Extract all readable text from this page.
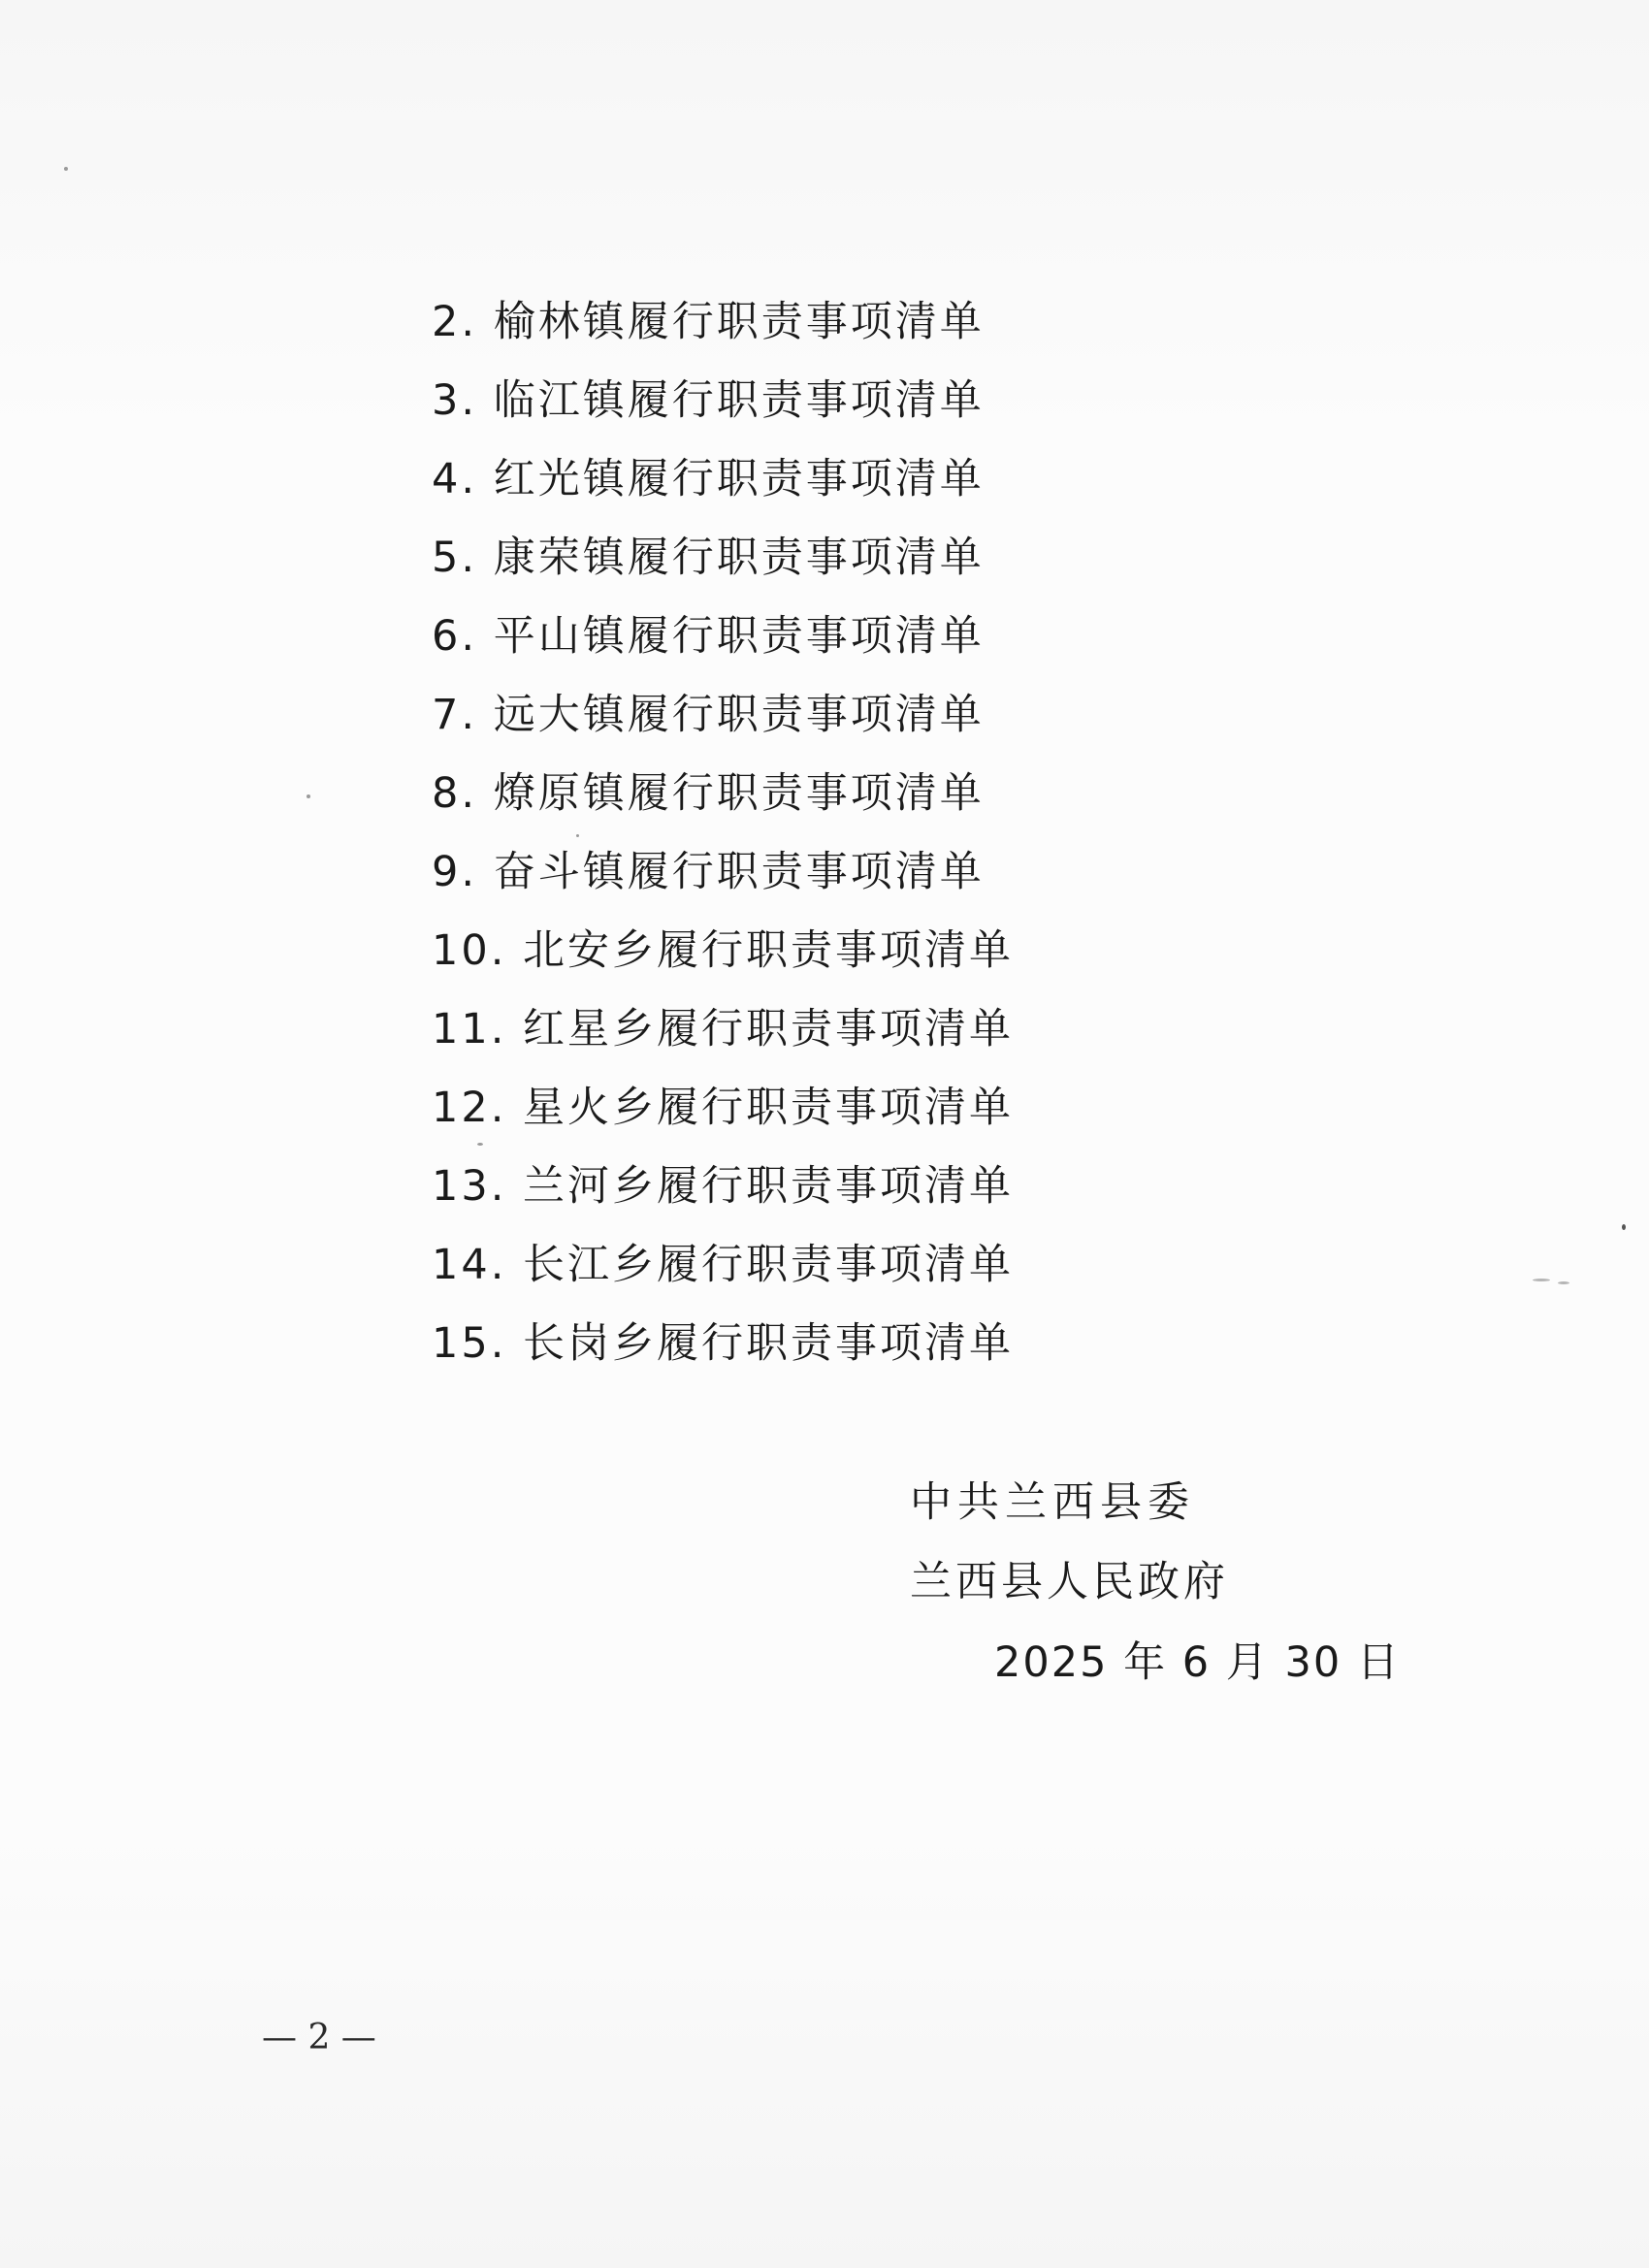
2. 榆林镇履行职责事项清单
3. 临江镇履行职责事项清单
4. 红光镇履行职责事项清单
5. 康荣镇履行职责事项清单
6. 平山镇履行职责事项清单
7. 远大镇履行职责事项清单
8. 燎原镇履行职责事项清单
9. 奋斗镇履行职责事项清单
10. 北安乡履行职责事项清单
11. 红星乡履行职责事项清单
12. 星火乡履行职责事项清单
13. 兰河乡履行职责事项清单
14. 长江乡履行职责事项清单
15. 长岗乡履行职责事项清单
中共兰西县委
兰西县人民政府
2025 年 6 月 30 日
— 2 —
